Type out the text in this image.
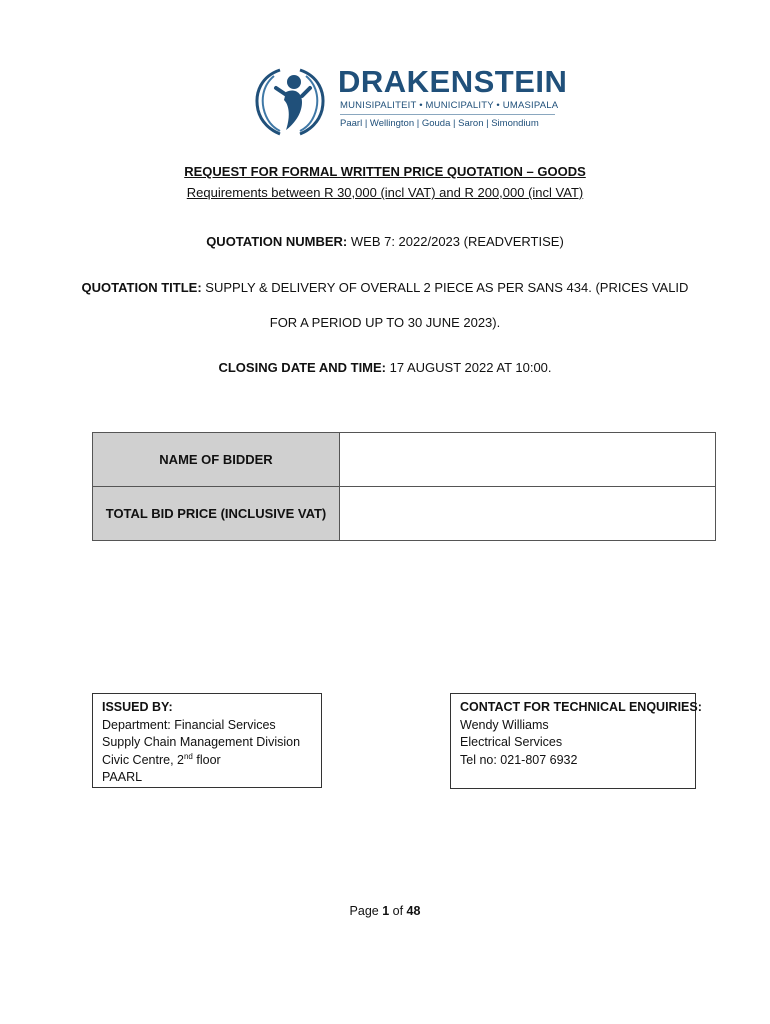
DRAKENSTEIN
MUNISIPALITEIT • MUNICIPALITY • UMASIPALA
Paarl | Wellington | Gouda | Saron | Simondium
REQUEST FOR FORMAL WRITTEN PRICE QUOTATION – GOODS
Requirements between R 30,000 (incl VAT) and R 200,000 (incl VAT)
QUOTATION NUMBER: WEB 7: 2022/2023 (READVERTISE)
QUOTATION TITLE: SUPPLY & DELIVERY OF OVERALL 2 PIECE AS PER SANS 434. (PRICES VALID
FOR A PERIOD UP TO 30 JUNE 2023).
CLOSING DATE AND TIME: 17 AUGUST 2022 AT 10:00.
NAME OF BIDDER	
TOTAL BID PRICE (INCLUSIVE VAT)	
ISSUED BY:
Department: Financial Services
Supply Chain Management Division
Civic Centre, 2nd floor
PAARL
CONTACT FOR TECHNICAL ENQUIRIES:
Wendy Williams
Electrical Services
Tel no: 021-807 6932
Page 1 of 48
